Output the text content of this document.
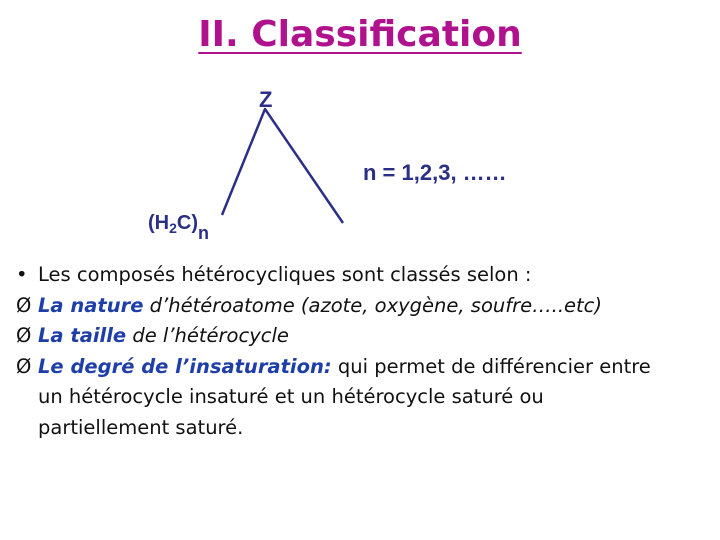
II. Classification
Z
$(H_2C)n$
n = 1,2,3, ……
• Les composés hétérocycliques sont classés selon :
Ø La nature d’hétéroatome (azote, oxygène, soufre…..etc)
Ø La taille de l’hétérocycle
Ø Le degré de l’insaturation: qui permet de différencier entre
un hétérocycle insaturé et un hétérocycle saturé ou
partiellement saturé.
